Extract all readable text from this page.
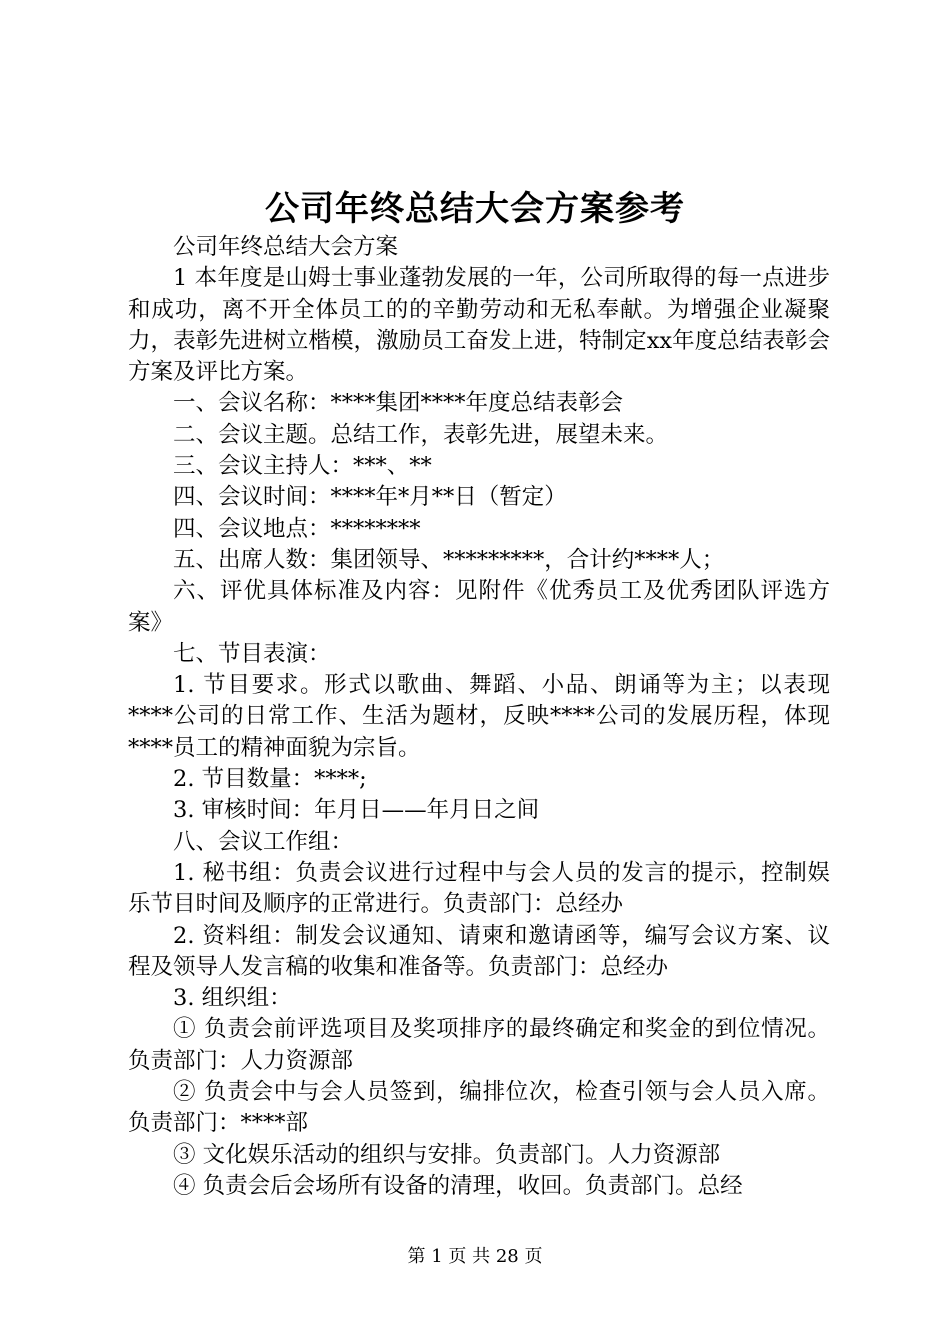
公司年终总结大会方案参考

公司年终总结大会方案

1 本年度是山姆士事业蓬勃发展的一年，公司所取得的每一点进步和成功，离不开全体员工的的辛勤劳动和无私奉献。为增强企业凝聚力，表彰先进树立楷模，激励员工奋发上进，特制定xx年度总结表彰会方案及评比方案。

一、会议名称：****集团****年度总结表彰会

二、会议主题。总结工作，表彰先进，展望未来。

三、会议主持人：***、**

四、会议时间：****年*月**日（暂定）

四、会议地点：********

五、出席人数：集团领导、*********，合计约****人；

六、评优具体标准及内容：见附件《优秀员工及优秀团队评选方案》

七、节目表演：

1. 节目要求。形式以歌曲、舞蹈、小品、朗诵等为主；以表现****公司的日常工作、生活为题材，反映****公司的发展历程，体现****员工的精神面貌为宗旨。

2. 节目数量：****;

3. 审核时间：年月日——年月日之间

八、会议工作组：

1. 秘书组：负责会议进行过程中与会人员的发言的提示，控制娱乐节目时间及顺序的正常进行。负责部门：总经办

2. 资料组：制发会议通知、请柬和邀请函等，编写会议方案、议程及领导人发言稿的收集和准备等。负责部门：总经办

3. 组织组：

① 负责会前评选项目及奖项排序的最终确定和奖金的到位情况。负责部门：人力资源部

② 负责会中与会人员签到，编排位次，检查引领与会人员入席。负责部门：****部

③ 文化娱乐活动的组织与安排。负责部门。人力资源部

④ 负责会后会场所有设备的清理，收回。负责部门。总经

第 1 页 共 28 页
